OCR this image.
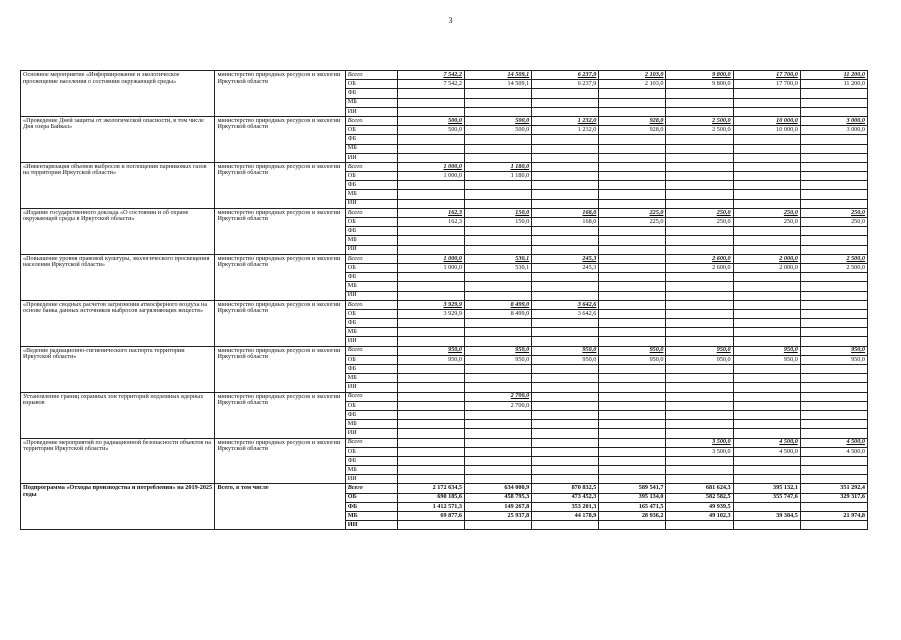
3
Основное мероприятие «Информирование и экологическое просвещение населения о состоянии окружающей среды»	министерство природных ресурсов и экологии Иркутской области	Всего	7 542,2	14 509,1	6 237,9	2 103,0	9 800,0	17 700,0	11 200,0
		ОБ	7 542,2	14 509,1	6 237,9	2 103,0	9 800,0	17 700,0	11 200,0
		ФБ							
		МБ							
		ИИ							
«Проведение Дней защиты от экологической опасности, в том числе Дня озера Байкал»	министерство природных ресурсов и экологии Иркутской области	Всего	500,0	500,0	1 232,0	928,0	2 500,0	10 000,0	3 000,0
		ОБ	500,0	500,0	1 232,0	928,0	2 500,0	10 000,0	3 000,0
		ФБ							
		МБ							
		ИИ							
«Инвентаризация объемов выбросов и поглощения парниковых газов на территории Иркутской области»	министерство природных ресурсов и экологии Иркутской области	Всего	1 000,0	1 180,0					
		ОБ	1 000,0	1 180,0					
		ФБ							
		МБ							
		ИИ							
«Издание государственного доклада «О состоянии и об охране окружающей среды в Иркутской области»	министерство природных ресурсов и экологии Иркутской области	Всего	162,3	150,0	168,0	225,0	250,0	250,0	250,0
		ОБ	162,3	150,0	168,0	225,0	250,0	250,0	250,0
		ФБ							
		МБ							
		ИИ							
«Повышение уровня правовой культуры, экологического просвещения населения Иркутской области»	министерство природных ресурсов и экологии Иркутской области	Всего	1 000,0	530,1	245,3		2 600,0	2 000,0	2 500,0
		ОБ	1 000,0	530,1	245,3		2 600,0	2 000,0	2 500,0
		ФБ							
		МБ							
		ИИ							
«Проведение сводных расчетов загрязнения атмосферного воздуха на основе банка данных источников выбросов загрязняющих веществ»	министерство природных ресурсов и экологии Иркутской области	Всего	3 929,9	8 499,0	3 642,6				
		ОБ	3 929,9	8 499,0	3 642,6				
		ФБ							
		МБ							
		ИИ							
«Ведение радиационно-гигиенического паспорта территории Иркутской области»	министерство природных ресурсов и экологии Иркутской области	Всего	950,0	950,0	950,0	950,0	950,0	950,0	950,0
		ОБ	950,0	950,0	950,0	950,0	950,0	950,0	950,0
		ФБ							
		МБ							
		ИИ							
Установление границ охранных зон территорий подземных ядерных взрывов	министерство природных ресурсов и экологии Иркутской области	Всего		2 700,0					
		ОБ		2 700,0					
		ФБ							
		МБ							
		ИИ							
«Проведение мероприятий по радиационной безопасности объектов на территории Иркутской области»	министерство природных ресурсов и экологии Иркутской области	Всего					3 500,0	4 500,0	4 500,0
		ОБ					3 500,0	4 500,0	4 500,0
		ФБ							
		МБ							
		ИИ							
Подпрограмма «Отходы производства и потребления» на 2019-2025 годы	Всего, в том числе	Всего	2 172 634,5	634 000,9	870 832,5	589 541,7	681 624,3	395 132,1	351 292,4
		ОБ	690 185,6	458 795,3	473 452,3	395 134,0	582 582,5	355 747,6	329 317,6
		ФБ	1 412 571,3	149 267,8	353 201,3	165 471,5	49 939,5		
		МБ	69 877,6	25 937,8	44 178,9	28 936,2	49 102,3	39 384,5	21 974,8
		ИИ							
